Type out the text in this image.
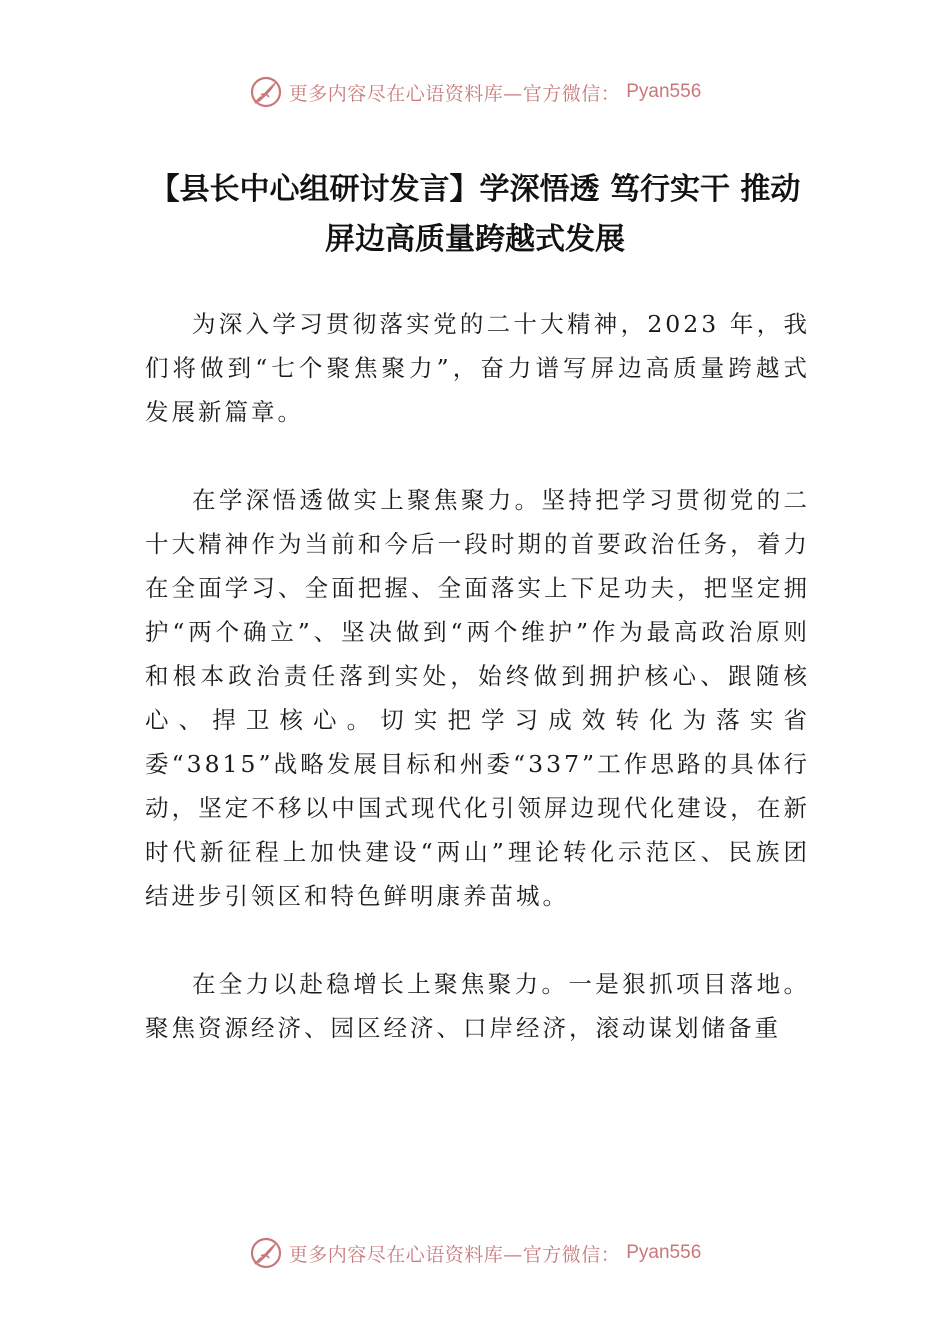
更多内容尽在心语资料库—官方微信： Pyan556
【县长中心组研讨发言】学深悟透 笃行实干 推动屏边高质量跨越式发展

为深入学习贯彻落实党的二十大精神，2023 年，我们将做到“七个聚焦聚力”，奋力谱写屏边高质量跨越式发展新篇章。

在学深悟透做实上聚焦聚力。坚持把学习贯彻党的二十大精神作为当前和今后一段时期的首要政治任务，着力在全面学习、全面把握、全面落实上下足功夫，把坚定拥护“两个确立”、坚决做到“两个维护”作为最高政治原则和根本政治责任落到实处，始终做到拥护核心、跟随核心、捍卫核心。切实把学习成效转化为落实省委“3815”战略发展目标和州委“337”工作思路的具体行动，坚定不移以中国式现代化引领屏边现代化建设，在新时代新征程上加快建设“两山”理论转化示范区、民族团结进步引领区和特色鲜明康养苗城。

在全力以赴稳增长上聚焦聚力。一是狠抓项目落地。聚焦资源经济、园区经济、口岸经济，滚动谋划储备重

更多内容尽在心语资料库—官方微信： Pyan556
